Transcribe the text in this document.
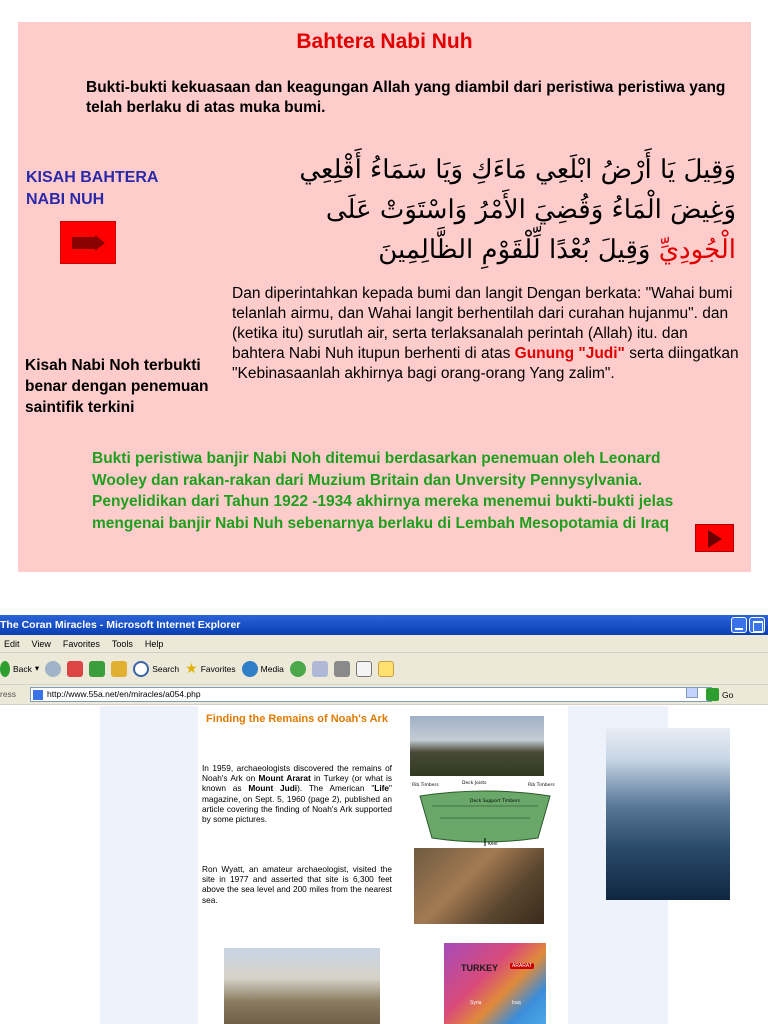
Bahtera Nabi Nuh
Bukti-bukti kekuasaan dan keagungan Allah yang diambil dari peristiwa peristiwa yang telah berlaku di atas muka bumi.
KISAH BAHTERA NABI NUH
وَقِيلَ يَا أَرْضُ ابْلَعِي مَاءَكِ وَيَا سَمَاءُ أَقْلِعِي وَغِيضَ الْمَاءُ وَقُضِيَ الأَمْرُ وَاسْتَوَتْ عَلَى الْجُودِيِّ وَقِيلَ بُعْدًا لِّلْقَوْمِ الظَّالِمِينَ
Dan diperintahkan kepada bumi dan langit Dengan berkata: "Wahai bumi telanlah airmu, dan Wahai langit berhentilah dari curahan hujanmu". dan (ketika itu) surutlah air, serta terlaksanalah perintah (Allah) itu. dan bahtera Nabi Nuh itupun berhenti di atas Gunung "Judi" serta diingatkan "Kebinasaanlah akhirnya bagi orang-orang Yang zalim".
Kisah Nabi Noh terbukti benar dengan penemuan saintifik terkini
Bukti peristiwa banjir Nabi Noh ditemui berdasarkan penemuan oleh Leonard Wooley dan rakan-rakan dari Muzium Britain dan Unversity Pennysylvania. Penyelidikan dari Tahun 1922 -1934 akhirnya mereka menemui bukti-bukti jelas mengenai banjir Nabi Nuh sebenarnya berlaku di Lembah Mesopotamia di Iraq
The Coran Miracles - Microsoft Internet Explorer
Edit View Favorites Tools Help
Back ▾	Search ★ Favorites	Media
ress	http://www.55a.net/en/miracles/a054.php	Go
Finding the Remains of Noah's Ark
In 1959, archaeologists discovered the remains of Noah's Ark on Mount Ararat in Turkey (or what is known as Mount Judi). The American "Life" magazine, on Sept. 5, 1960 (page 2), published an article covering the finding of Noah's Ark supported by some pictures.
Ron Wyatt, an amateur archaeologist, visited the site in 1977 and asserted that site is 6,300 feet above the sea level and 200 miles from the nearest sea.
Rib Timbers	Deck Joists	Rib Timbers
Deck Support Timbers
Keel
TURKEY	ARARAT
Syria	Iraq
